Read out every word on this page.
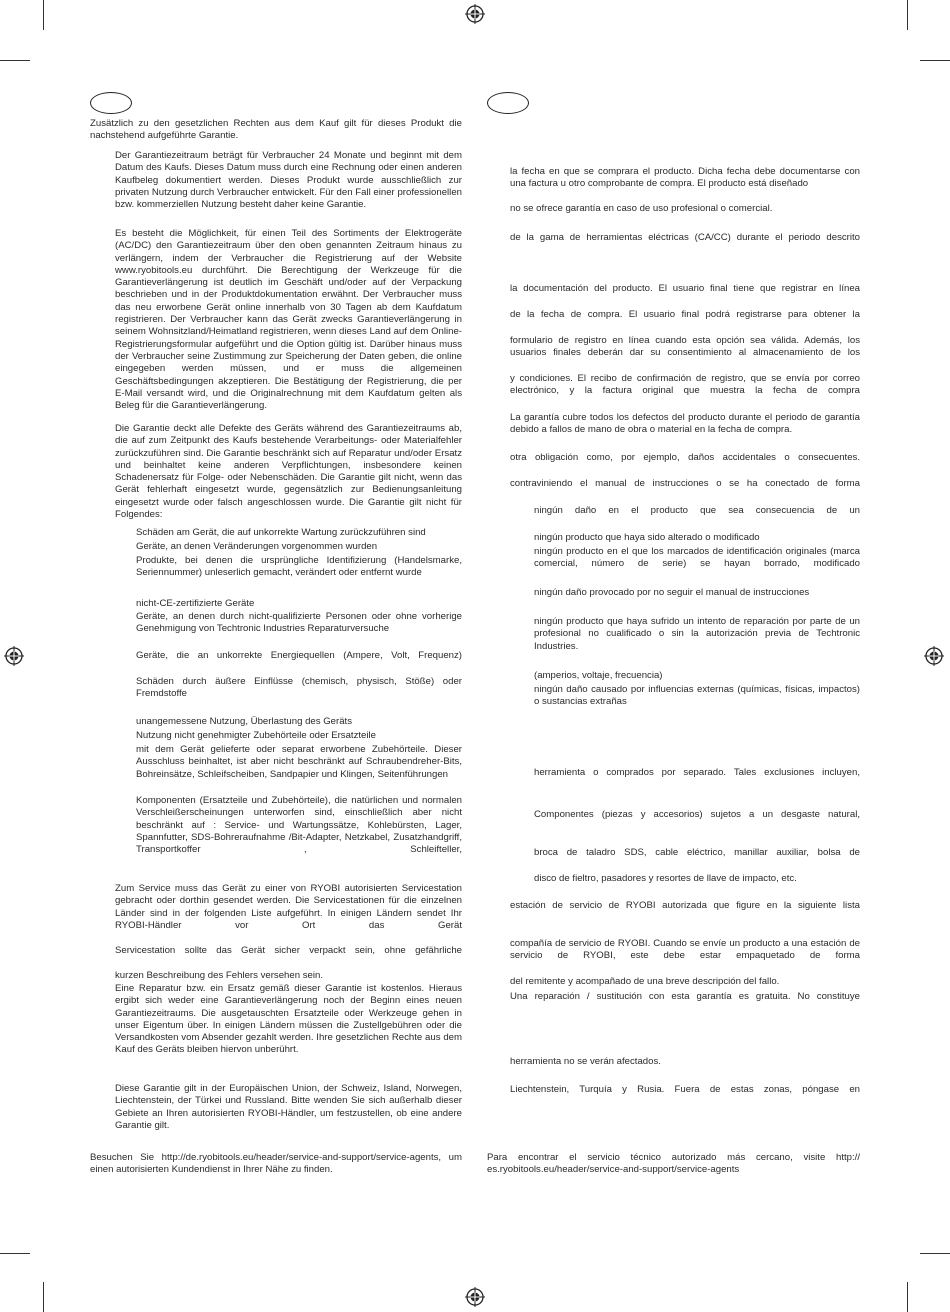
Zusätzlich zu den gesetzlichen Rechten aus dem Kauf gilt für dieses Produkt die nachstehend aufgeführte Garantie.
Der Garantiezeitraum beträgt für Verbraucher 24 Monate und beginnt mit dem Datum des Kaufs. Dieses Datum muss durch eine Rechnung oder einen anderen Kaufbeleg dokumentiert werden. Dieses Produkt wurde ausschließlich zur privaten Nutzung durch Verbraucher entwickelt. Für den Fall einer professionellen bzw. kommerziellen Nutzung besteht daher keine Garantie.
Es besteht die Möglichkeit, für einen Teil des Sortiments der Elektrogeräte (AC/DC) den Garantiezeitraum über den oben genannten Zeitraum hinaus zu verlängern, indem der Verbraucher die Registrierung auf der Website www.ryobitools.eu durchführt. Die Berechtigung der Werkzeuge für die Garantieverlängerung ist deutlich im Geschäft und/oder auf der Verpackung beschrieben und in der Produktdokumentation erwähnt. Der Verbraucher muss das neu erworbene Gerät online innerhalb von 30 Tagen ab dem Kaufdatum registrieren. Der Verbraucher kann das Gerät zwecks Garantieverlängerung in seinem Wohnsitzland/Heimatland registrieren, wenn dieses Land auf dem Online-Registrierungsformular aufgeführt und die Option gültig ist. Darüber hinaus muss der Verbraucher seine Zustimmung zur Speicherung der Daten geben, die online eingegeben werden müssen, und er muss die allgemeinen Geschäftsbedingungen akzeptieren. Die Bestätigung der Registrierung, die per E-Mail versandt wird, und die Originalrechnung mit dem Kaufdatum gelten als Beleg für die Garantieverlängerung.
Die Garantie deckt alle Defekte des Geräts während des Garantiezeitraums ab, die auf zum Zeitpunkt des Kaufs bestehende Verarbeitungs- oder Materialfehler zurückzuführen sind. Die Garantie beschränkt sich auf Reparatur und/oder Ersatz und beinhaltet keine anderen Verpflichtungen, insbesondere keinen Schadenersatz für Folge- oder Nebenschäden. Die Garantie gilt nicht, wenn das Gerät fehlerhaft eingesetzt wurde, gegensätzlich zur Bedienungsanleitung eingesetzt wurde oder falsch angeschlossen wurde. Die Garantie gilt nicht für Folgendes:
Schäden am Gerät, die auf unkorrekte Wartung zurückzuführen sind
Geräte, an denen Veränderungen vorgenommen wurden
Produkte, bei denen die ursprüngliche Identifizierung (Handelsmarke, Seriennummer) unleserlich gemacht, verändert oder entfernt wurde
nicht-CE-zertifizierte Geräte
Geräte, an denen durch nicht-qualifizierte Personen oder ohne vorherige Genehmigung von Techtronic Industries Reparaturversuche
Geräte, die an unkorrekte Energiequellen (Ampere, Volt, Frequenz)
Schäden durch äußere Einflüsse (chemisch, physisch, Stöße) oder Fremdstoffe
unangemessene Nutzung, Überlastung des Geräts
Nutzung nicht genehmigter Zubehörteile oder Ersatzteile
mit dem Gerät gelieferte oder separat erworbene Zubehörteile. Dieser Ausschluss beinhaltet, ist aber nicht beschränkt auf Schraubendreher-Bits, Bohreinsätze, Schleifscheiben, Sandpapier und Klingen, Seitenführungen
Komponenten (Ersatzteile und Zubehörteile), die natürlichen und normalen Verschleißerscheinungen unterworfen sind, einschließlich aber nicht beschränkt auf : Service- und Wartungssätze, Kohlebürsten, Lager, Spannfutter, SDS-Bohreraufnahme /Bit-Adapter, Netzkabel, Zusatzhandgriff, Transportkoffer , Schleifteller,
Zum Service muss das Gerät zu einer von RYOBI autorisierten Servicestation gebracht oder dorthin gesendet werden. Die Servicestationen für die einzelnen Länder sind in der folgenden Liste aufgeführt. In einigen Ländern sendet Ihr RYOBI-Händler vor Ort das Gerät
Servicestation sollte das Gerät sicher verpackt sein, ohne gefährliche
kurzen Beschreibung des Fehlers versehen sein.
Eine Reparatur bzw. ein Ersatz gemäß dieser Garantie ist kostenlos. Hieraus ergibt sich weder eine Garantieverlängerung noch der Beginn eines neuen Garantiezeitraums. Die ausgetauschten Ersatzteile oder Werkzeuge gehen in unser Eigentum über. In einigen Ländern müssen die Zustellgebühren oder die Versandkosten vom Absender gezahlt werden. Ihre gesetzlichen Rechte aus dem Kauf des Geräts bleiben hiervon unberührt.
Diese Garantie gilt in der Europäischen Union, der Schweiz, Island, Norwegen, Liechtenstein, der Türkei und Russland. Bitte wenden Sie sich außerhalb dieser Gebiete an Ihren autorisierten RYOBI-Händler, um festzustellen, ob eine andere Garantie gilt.
Besuchen Sie http://de.ryobitools.eu/header/service-and-support/service-agents, um einen autorisierten Kundendienst in Ihrer Nähe zu finden.
la fecha en que se comprara el producto. Dicha fecha debe documentarse con una factura u otro comprobante de compra. El producto está diseñado
no se ofrece garantía en caso de uso profesional o comercial.
de la gama de herramientas eléctricas (CA/CC) durante el periodo descrito
la documentación del producto. El usuario final tiene que registrar en línea
de la fecha de compra. El usuario final podrá registrarse para obtener la
formulario de registro en línea cuando esta opción sea válida. Además, los usuarios finales deberán dar su consentimiento al almacenamiento de los
y condiciones. El recibo de confirmación de registro, que se envía por correo electrónico, y la factura original que muestra la fecha de compra
La garantía cubre todos los defectos del producto durante el periodo de garantía debido a fallos de mano de obra o material en la fecha de compra.
otra obligación como, por ejemplo, daños accidentales o consecuentes.
contraviniendo el manual de instrucciones o se ha conectado de forma
ningún daño en el producto que sea consecuencia de un
ningún producto que haya sido alterado o modificado
ningún producto en el que los marcados de identificación originales (marca comercial, número de serie) se hayan borrado, modificado
ningún daño provocado por no seguir el manual de instrucciones
ningún producto que haya sufrido un intento de reparación por parte de un profesional no cualificado o sin la autorización previa de Techtronic Industries.
(amperios, voltaje, frecuencia)
ningún daño causado por influencias externas (químicas, físicas, impactos) o sustancias extrañas
herramienta o comprados por separado. Tales exclusiones incluyen,
Componentes (piezas y accesorios) sujetos a un desgaste natural,
broca de taladro SDS, cable eléctrico, manillar auxiliar, bolsa de
disco de fieltro, pasadores y resortes de llave de impacto, etc.
estación de servicio de RYOBI autorizada que figure en la siguiente lista
compañía de servicio de RYOBI. Cuando se envíe un producto a una estación de servicio de RYOBI, este debe estar empaquetado de forma
del remitente y acompañado de una breve descripción del fallo.
Una reparación / sustitución con esta garantía es gratuita. No constituye
herramienta no se verán afectados.
Liechtenstein, Turquía y Rusia. Fuera de estas zonas, póngase en
Para encontrar el servicio técnico autorizado más cercano, visite http:// es.ryobitools.eu/header/service-and-support/service-agents
